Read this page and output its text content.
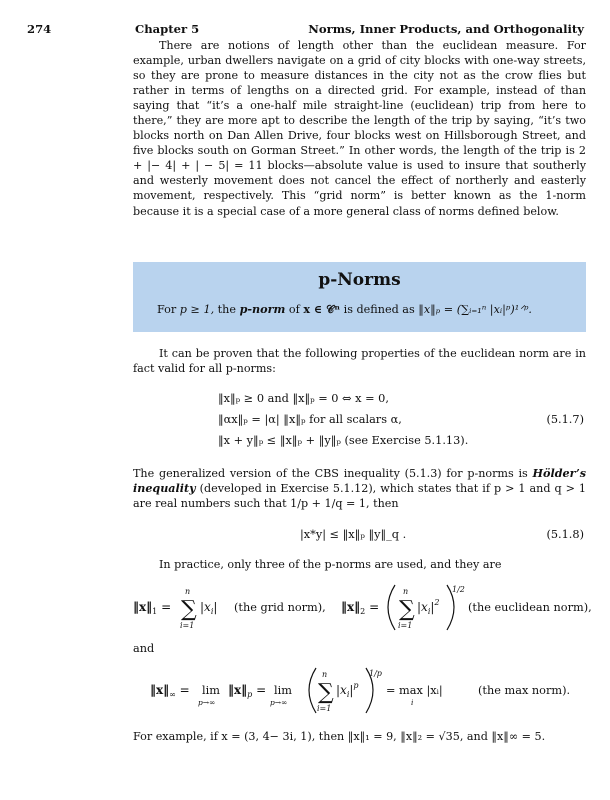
274	Chapter 5	Norms, Inner Products, and Orthogonality

There are notions of length other than the euclidean measure. For example, urban dwellers navigate on a grid of city blocks with one-way streets, so they are prone to measure distances in the city not as the crow flies but rather in terms of lengths on a directed grid. For example, instead of than saying that “it’s a one-half mile straight-line (euclidean) trip from here to there,” they are more apt to describe the length of the trip by saying, “it’s two blocks north on Dan Allen Drive, four blocks west on Hillsborough Street, and five blocks south on Gorman Street.” In other words, the length of the trip is 2 + |− 4| + | − 5| = 11 blocks—absolute value is used to insure that southerly and westerly movement does not cancel the effect of northerly and easterly movement, respectively. This “grid norm” is better known as the 1-norm because it is a special case of a more general class of norms defined below.

p-Norms
For p ≥ 1, the p-norm of x ∈ 𝒞ⁿ is defined as ‖x‖ₚ = (∑ᵢ₌₁ⁿ |xᵢ|ᵖ)¹ᐟᵖ.

It can be proven that the following properties of the euclidean norm are in fact valid for all p-norms:

‖x‖ₚ ≥ 0 and ‖x‖ₚ = 0 ⇔ x = 0,
‖αx‖ₚ = |α| ‖x‖ₚ for all scalars α,
‖x + y‖ₚ ≤ ‖x‖ₚ + ‖y‖ₚ (see Exercise 5.1.13).
(5.1.7)

The generalized version of the CBS inequality (5.1.3) for p-norms is Hölder’s inequality (developed in Exercise 5.1.12), which states that if p > 1 and q > 1 are real numbers such that 1/p + 1/q = 1, then

|x*y| ≤ ‖x‖ₚ ‖y‖_q .	(5.1.8)

In practice, only three of the p-norms are used, and they are

$‖x‖_1$ = ∑
n
i=1
$|x_i|$ (the grid norm), $‖x‖_2$ = ∑
n
i=1
$|x_i|^2$
1/2
(the euclidean norm),
and
$‖x‖_\infty = \lim$
p→∞
$‖x‖_p = \lim$
p→∞ ∑
n
i=1
$|x_i|^p$
1/p
= max |xᵢ|
i
(the max norm).

For example, if x = (3, 4− 3i, 1), then ‖x‖₁ = 9, ‖x‖₂ = √35, and ‖x‖∞ = 5.
